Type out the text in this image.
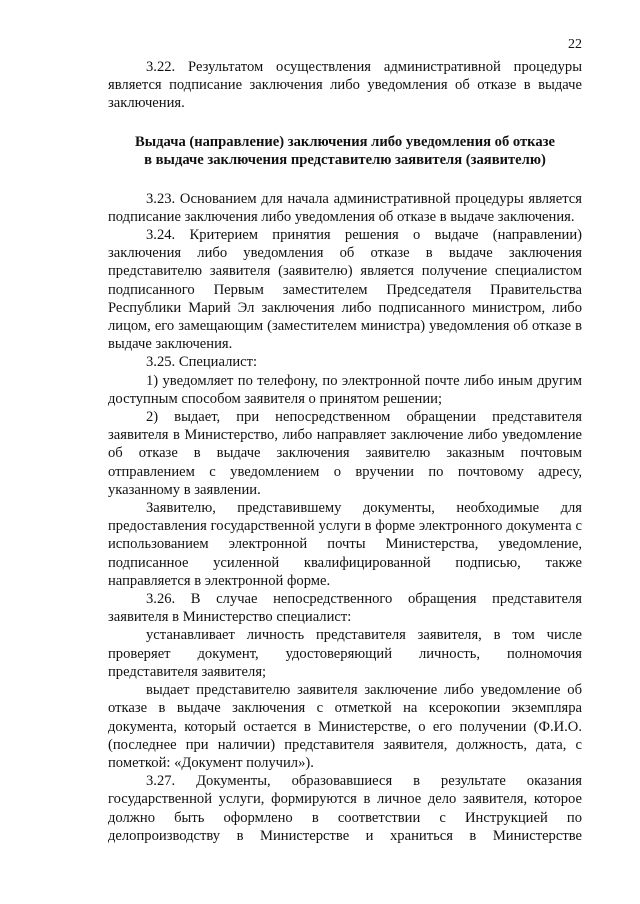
22

3.22. Результатом осуществления административной процедуры является подписание заключения либо уведомления об отказе в выдаче заключения.

Выдача (направление) заключения либо уведомления об отказе
в выдаче заключения представителю заявителя (заявителю)

3.23. Основанием для начала административной процедуры является подписание заключения либо уведомления об отказе в выдаче заключения.

3.24. Критерием принятия решения о выдаче (направлении) заключения либо уведомления об отказе в выдаче заключения представителю заявителя (заявителю) является получение специалистом подписанного Первым заместителем Председателя Правительства Республики Марий Эл заключения либо подписанного министром, либо лицом, его замещающим (заместителем министра) уведомления об отказе в выдаче заключения.

3.25. Специалист:

1) уведомляет по телефону, по электронной почте либо иным другим доступным способом заявителя о принятом решении;

2) выдает, при непосредственном обращении представителя заявителя в Министерство, либо направляет заключение либо уведомление об отказе в выдаче заключения заявителю заказным почтовым отправлением с уведомлением о вручении по почтовому адресу, указанному в заявлении.

Заявителю, представившему документы, необходимые для предоставления государственной услуги в форме электронного документа с использованием электронной почты Министерства, уведомление, подписанное усиленной квалифицированной подписью, также направляется в электронной форме.

3.26. В случае непосредственного обращения представителя заявителя в Министерство специалист:

устанавливает личность представителя заявителя, в том числе проверяет документ, удостоверяющий личность, полномочия представителя заявителя;

выдает представителю заявителя заключение либо уведомление об отказе в выдаче заключения с отметкой на ксерокопии экземпляра документа, который остается в Министерстве, о его получении (Ф.И.О. (последнее при наличии) представителя заявителя, должность, дата, с пометкой: «Документ получил»).

3.27. Документы, образовавшиеся в результате оказания государственной услуги, формируются в личное дело заявителя, которое должно быть оформлено в соответствии с Инструкцией по делопроизводству в Министерстве и храниться в Министерстве
